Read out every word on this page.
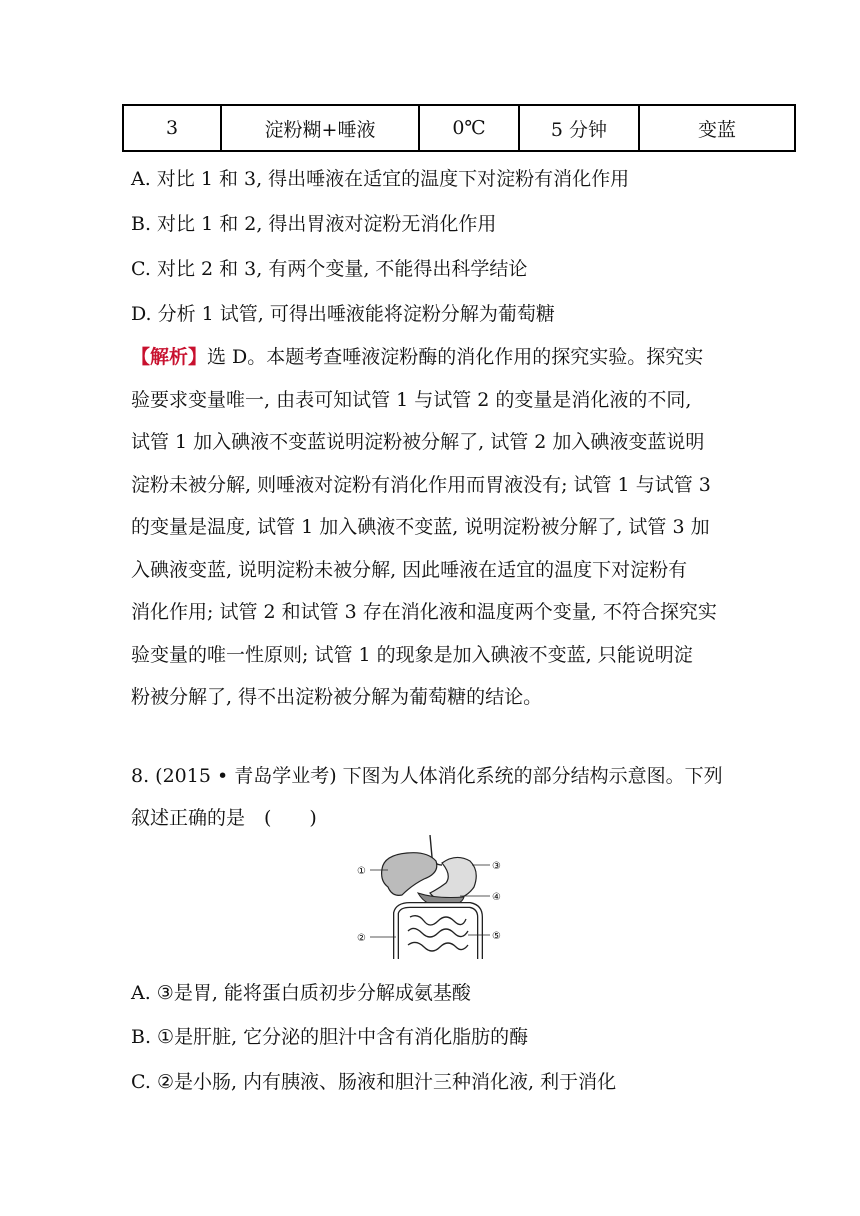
3	淀粉糊+唾液	0℃	5 分钟	变蓝
A. 对比 1 和 3, 得出唾液在适宜的温度下对淀粉有消化作用
B. 对比 1 和 2, 得出胃液对淀粉无消化作用
C. 对比 2 和 3, 有两个变量, 不能得出科学结论
D. 分析 1 试管, 可得出唾液能将淀粉分解为葡萄糖
【解析】选 D。本题考查唾液淀粉酶的消化作用的探究实验。探究实
验要求变量唯一, 由表可知试管 1 与试管 2 的变量是消化液的不同,
试管 1 加入碘液不变蓝说明淀粉被分解了, 试管 2 加入碘液变蓝说明
淀粉未被分解, 则唾液对淀粉有消化作用而胃液没有; 试管 1 与试管 3
的变量是温度, 试管 1 加入碘液不变蓝, 说明淀粉被分解了, 试管 3 加
入碘液变蓝, 说明淀粉未被分解, 因此唾液在适宜的温度下对淀粉有
消化作用; 试管 2 和试管 3 存在消化液和温度两个变量, 不符合探究实
验变量的唯一性原则; 试管 1 的现象是加入碘液不变蓝, 只能说明淀
粉被分解了, 得不出淀粉被分解为葡萄糖的结论。
8. (2015 • 青岛学业考) 下图为人体消化系统的部分结构示意图。下列
叙述正确的是　(　　)
①
②
③
④
⑤
A. ③是胃, 能将蛋白质初步分解成氨基酸
B. ①是肝脏, 它分泌的胆汁中含有消化脂肪的酶
C. ②是小肠, 内有胰液、肠液和胆汁三种消化液, 利于消化
